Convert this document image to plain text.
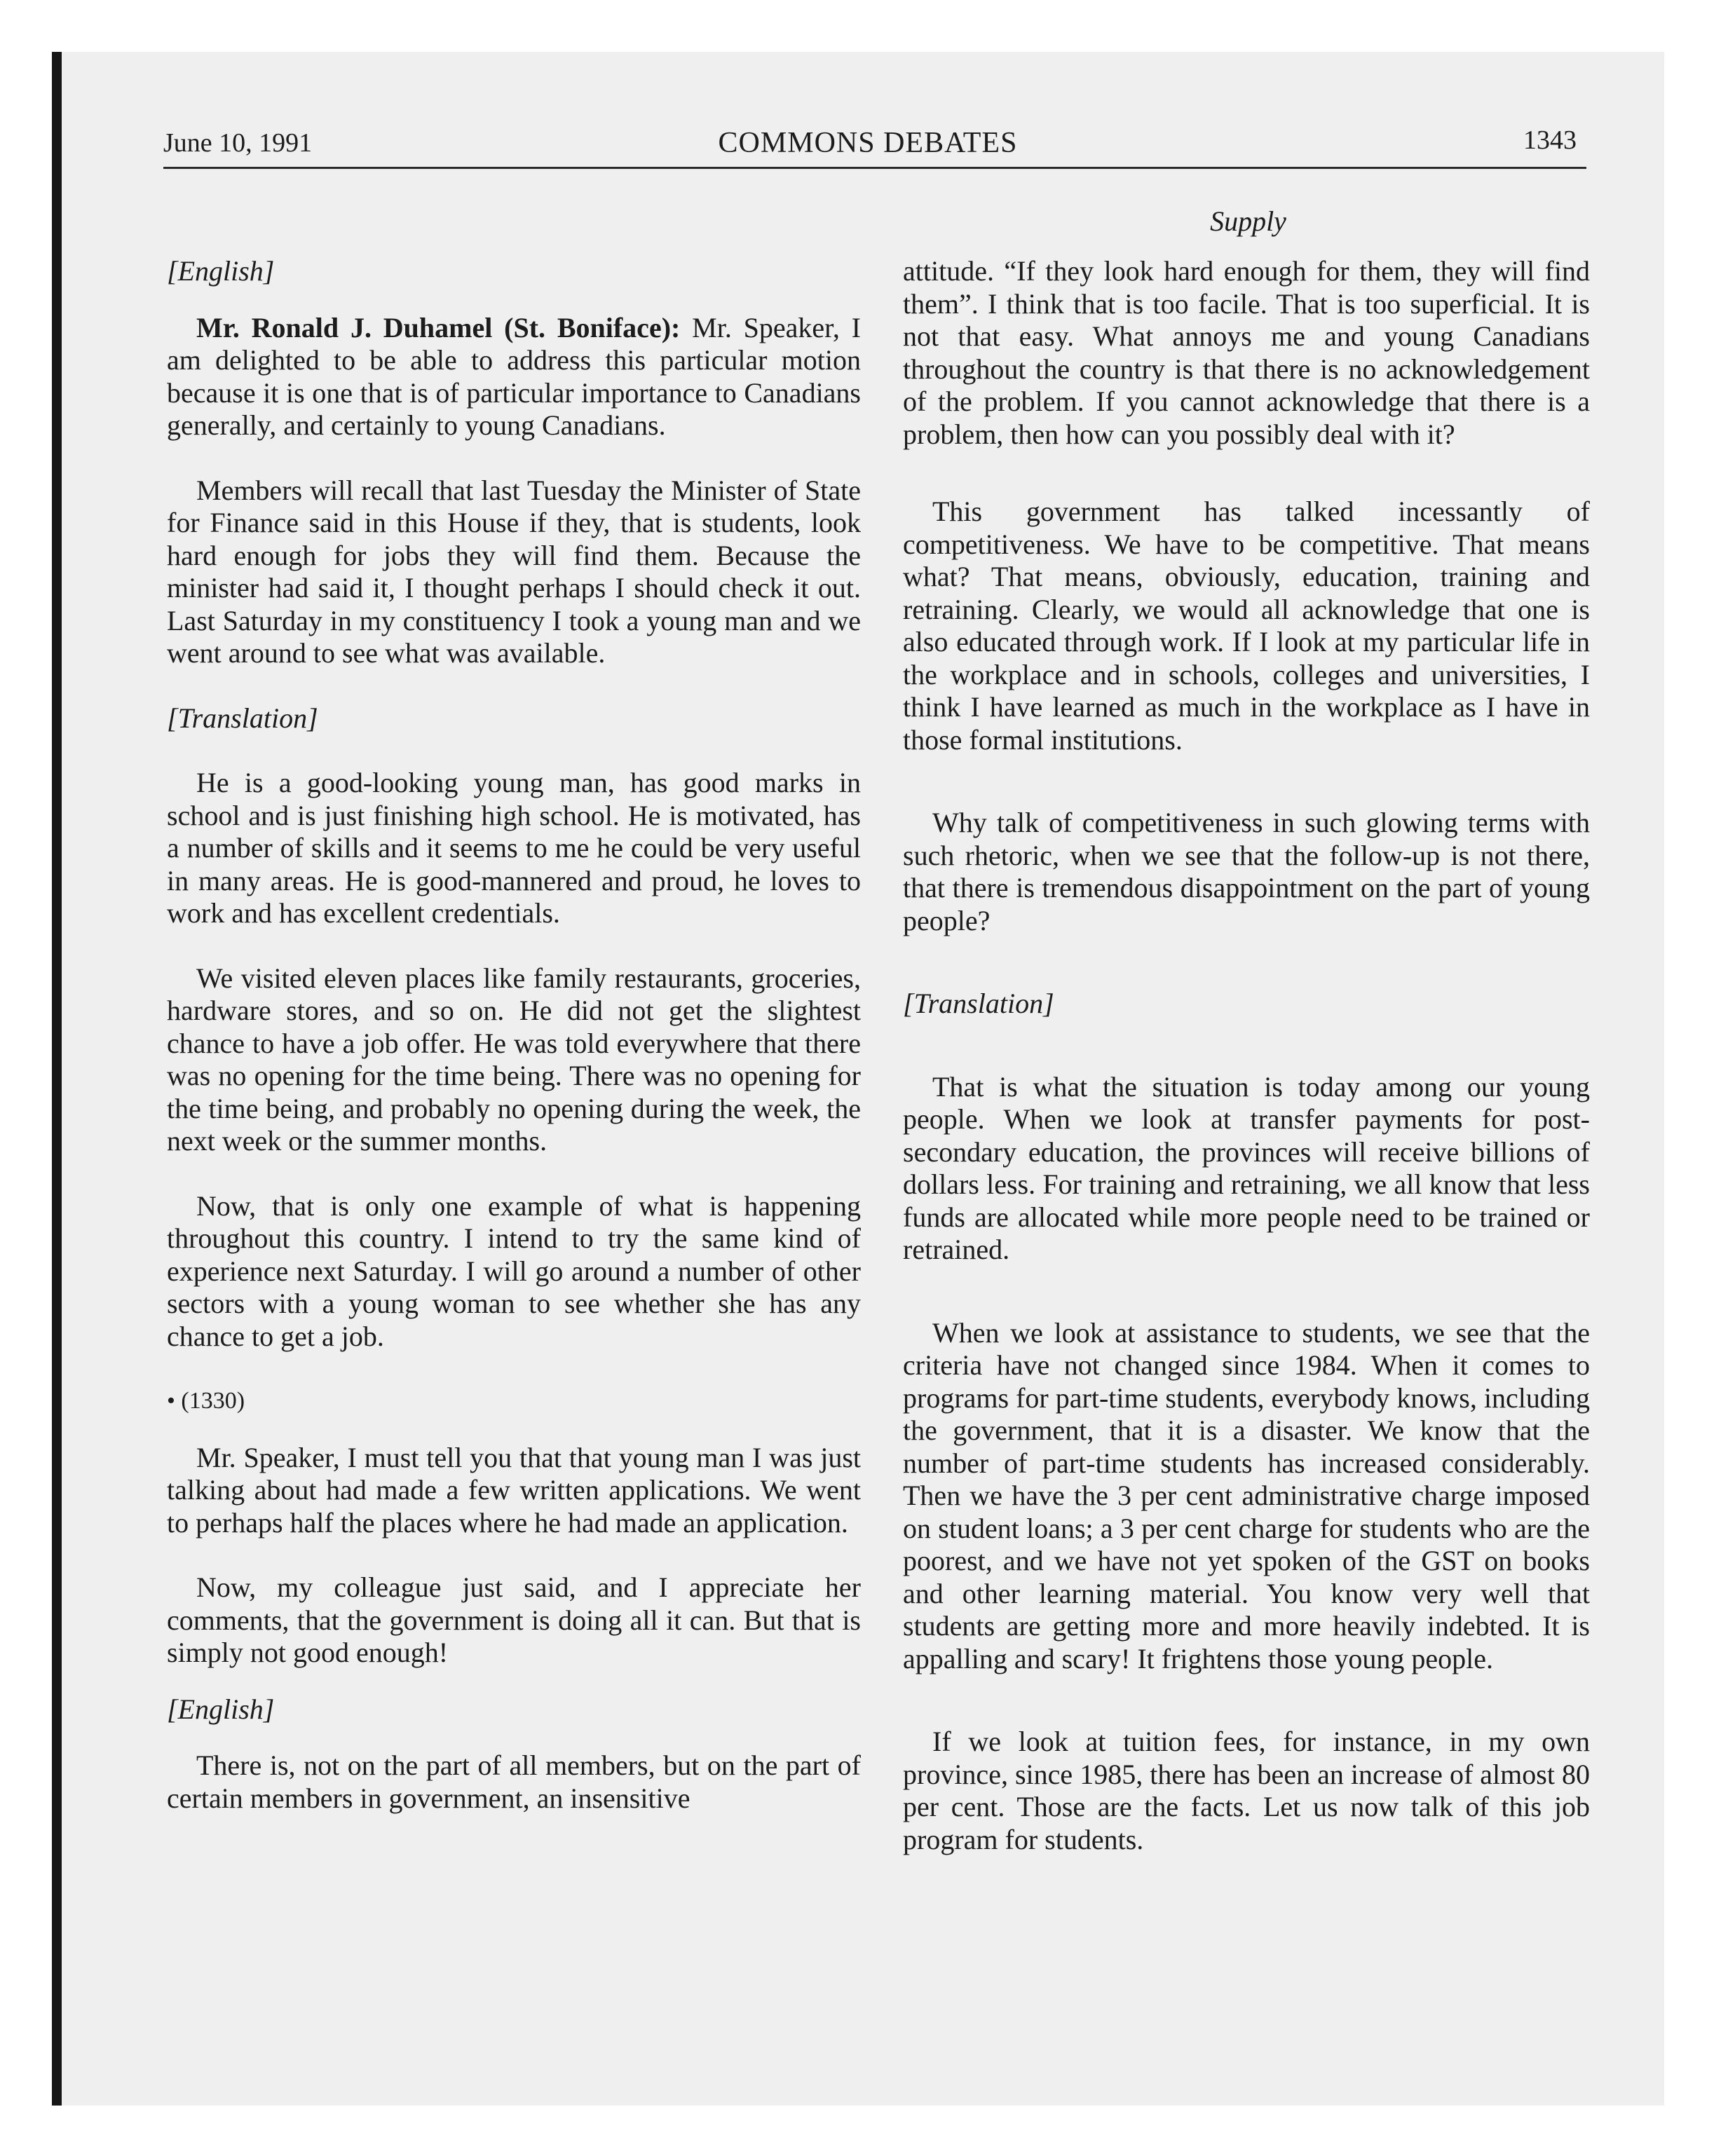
June 10, 1991	COMMONS DEBATES	1343
Supply

[English]

Mr. Ronald J. Duhamel (St. Boniface): Mr. Speaker, I am delighted to be able to address this particular motion because it is one that is of particular importance to Canadians generally, and certainly to young Canadians.

Members will recall that last Tuesday the Minister of State for Finance said in this House if they, that is students, look hard enough for jobs they will find them. Because the minister had said it, I thought perhaps I should check it out. Last Saturday in my constituency I took a young man and we went around to see what was available.

[Translation]

He is a good-looking young man, has good marks in school and is just finishing high school. He is motivated, has a number of skills and it seems to me he could be very useful in many areas. He is good-mannered and proud, he loves to work and has excellent credentials.

We visited eleven places like family restaurants, groceries, hardware stores, and so on. He did not get the slightest chance to have a job offer. He was told everywhere that there was no opening for the time being. There was no opening for the time being, and probably no opening during the week, the next week or the summer months.

Now, that is only one example of what is happening throughout this country. I intend to try the same kind of experience next Saturday. I will go around a number of other sectors with a young woman to see whether she has any chance to get a job.

• (1330)

Mr. Speaker, I must tell you that that young man I was just talking about had made a few written applications. We went to perhaps half the places where he had made an application.

Now, my colleague just said, and I appreciate her comments, that the government is doing all it can. But that is simply not good enough!

[English]

There is, not on the part of all members, but on the part of certain members in government, an insensitive

attitude. “If they look hard enough for them, they will find them”. I think that is too facile. That is too superficial. It is not that easy. What annoys me and young Canadians throughout the country is that there is no acknowledgement of the problem. If you cannot acknowledge that there is a problem, then how can you possibly deal with it?

This government has talked incessantly of competitiveness. We have to be competitive. That means what? That means, obviously, education, training and retraining. Clearly, we would all acknowledge that one is also educated through work. If I look at my particular life in the workplace and in schools, colleges and universities, I think I have learned as much in the workplace as I have in those formal institutions.

Why talk of competitiveness in such glowing terms with such rhetoric, when we see that the follow-up is not there, that there is tremendous disappointment on the part of young people?

[Translation]

That is what the situation is today among our young people. When we look at transfer payments for post-secondary education, the provinces will receive billions of dollars less. For training and retraining, we all know that less funds are allocated while more people need to be trained or retrained.

When we look at assistance to students, we see that the criteria have not changed since 1984. When it comes to programs for part-time students, everybody knows, including the government, that it is a disaster. We know that the number of part-time students has increased considerably. Then we have the 3 per cent administrative charge imposed on student loans; a 3 per cent charge for students who are the poorest, and we have not yet spoken of the GST on books and other learning material. You know very well that students are getting more and more heavily indebted. It is appalling and scary! It frightens those young people.

If we look at tuition fees, for instance, in my own province, since 1985, there has been an increase of almost 80 per cent. Those are the facts. Let us now talk of this job program for students.
